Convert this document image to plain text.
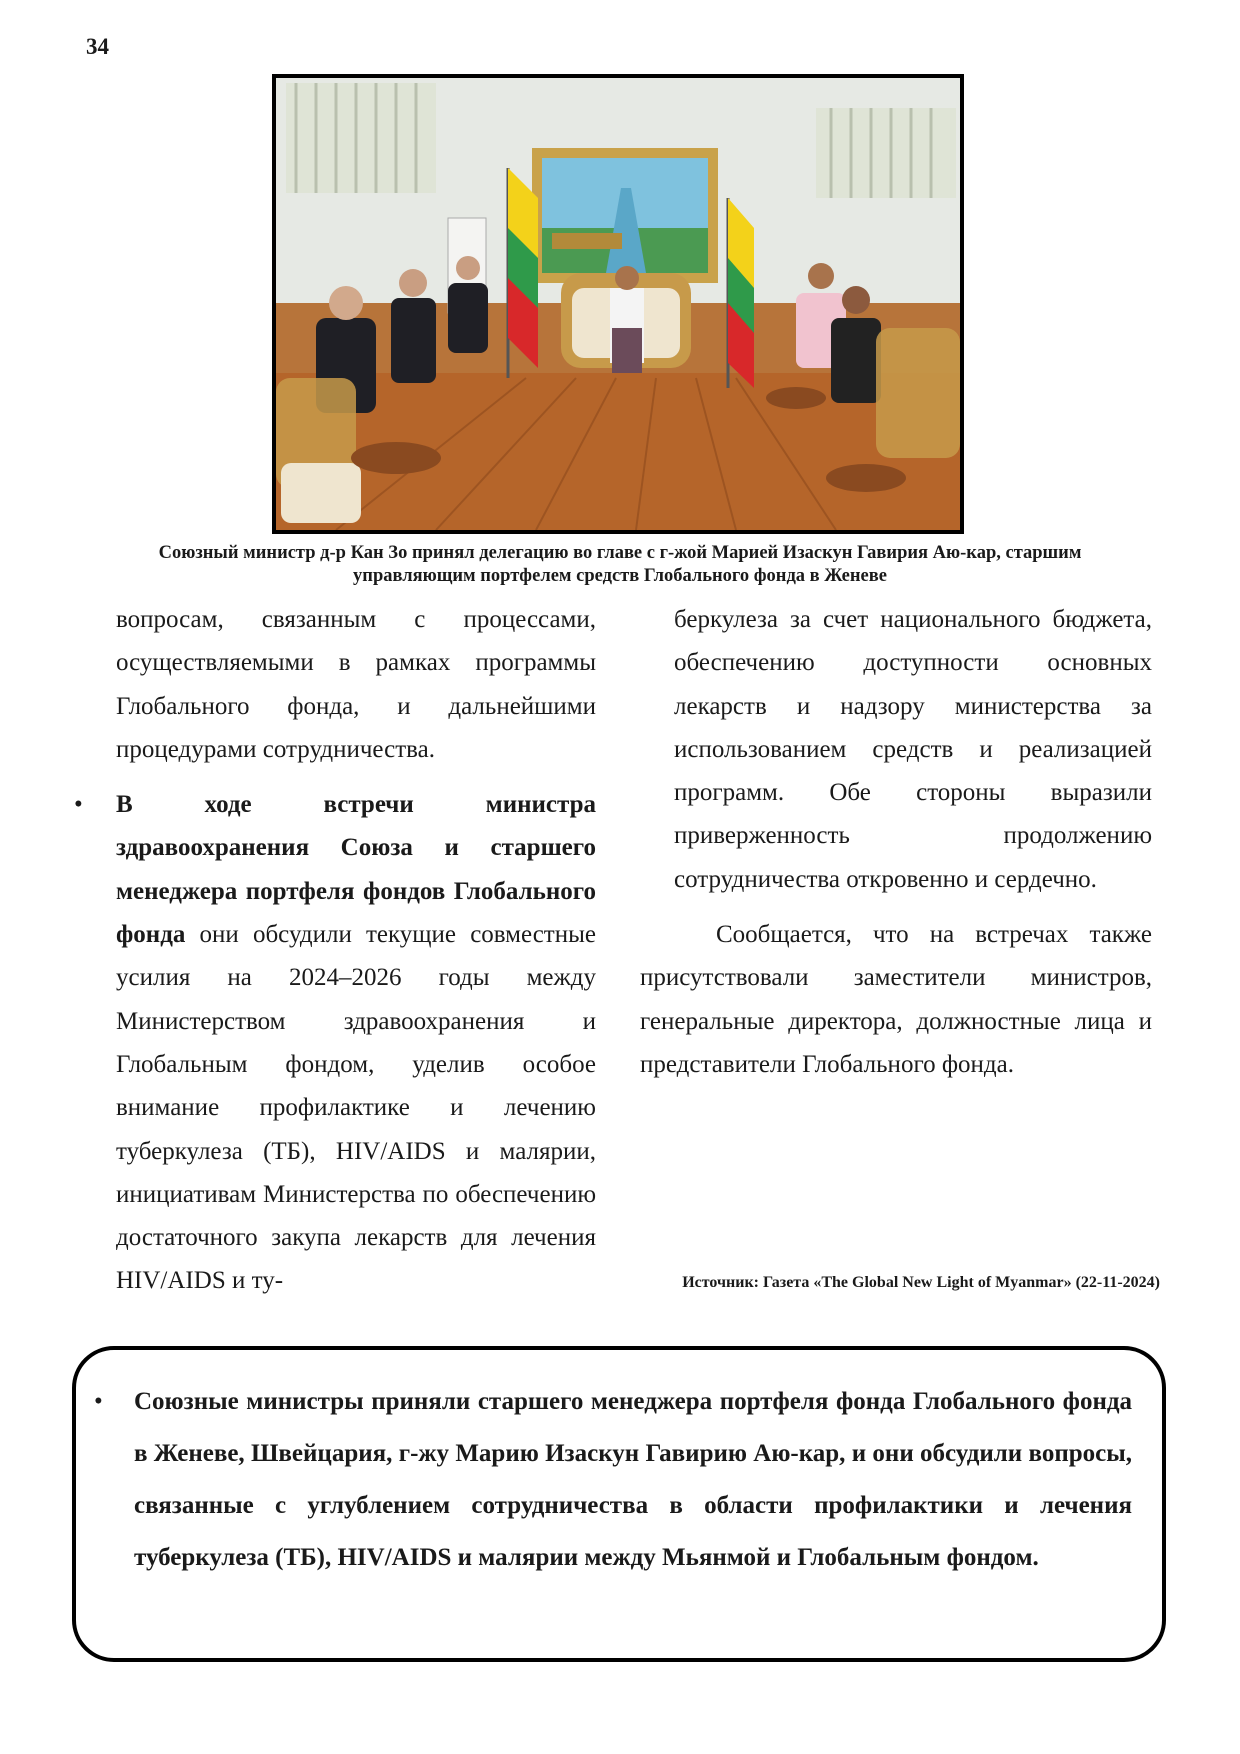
34
Союзный министр д-р Кан Зо принял делегацию во главе с г-жой Марией Изаскун Гавирия Аю-кар, старшим управляющим портфелем средств Глобального фонда в Женеве

вопросам, связанным с процессами, осуществляемыми в рамках программы Глобального фонда, и дальнейшими процедурами сотрудничества.

• В ходе встречи министра здравоохранения Союза и старшего менеджера портфеля фондов Глобального фонда они обсудили текущие совместные усилия на 2024–2026 годы между Министерством здравоохранения и Глобальным фондом, уделив особое внимание профилактике и лечению туберкулеза (ТБ), HIV/AIDS и малярии, инициативам Министерства по обеспечению достаточного закупа лекарств для лечения HIV/AIDS и ту-

беркулеза за счет национального бюджета, обеспечению доступности основных лекарств и надзору министерства за использованием средств и реализацией программ. Обе стороны выразили приверженность продолжению сотрудничества откровенно и сердечно.

Сообщается, что на встречах также присутствовали заместители министров, генеральные директора, должностные лица и представители Глобального фонда.

Источник: Газета «The Global New Light of Myanmar» (22-11-2024)
• Союзные министры приняли старшего менеджера портфеля фонда Глобального фонда в Женеве, Швейцария, г-жу Марию Изаскун Гавирию Аю-кар, и они обсудили вопросы, связанные с углублением сотрудничества в области профилактики и лечения туберкулеза (ТБ), HIV/AIDS и малярии между Мьянмой и Глобальным фондом.
